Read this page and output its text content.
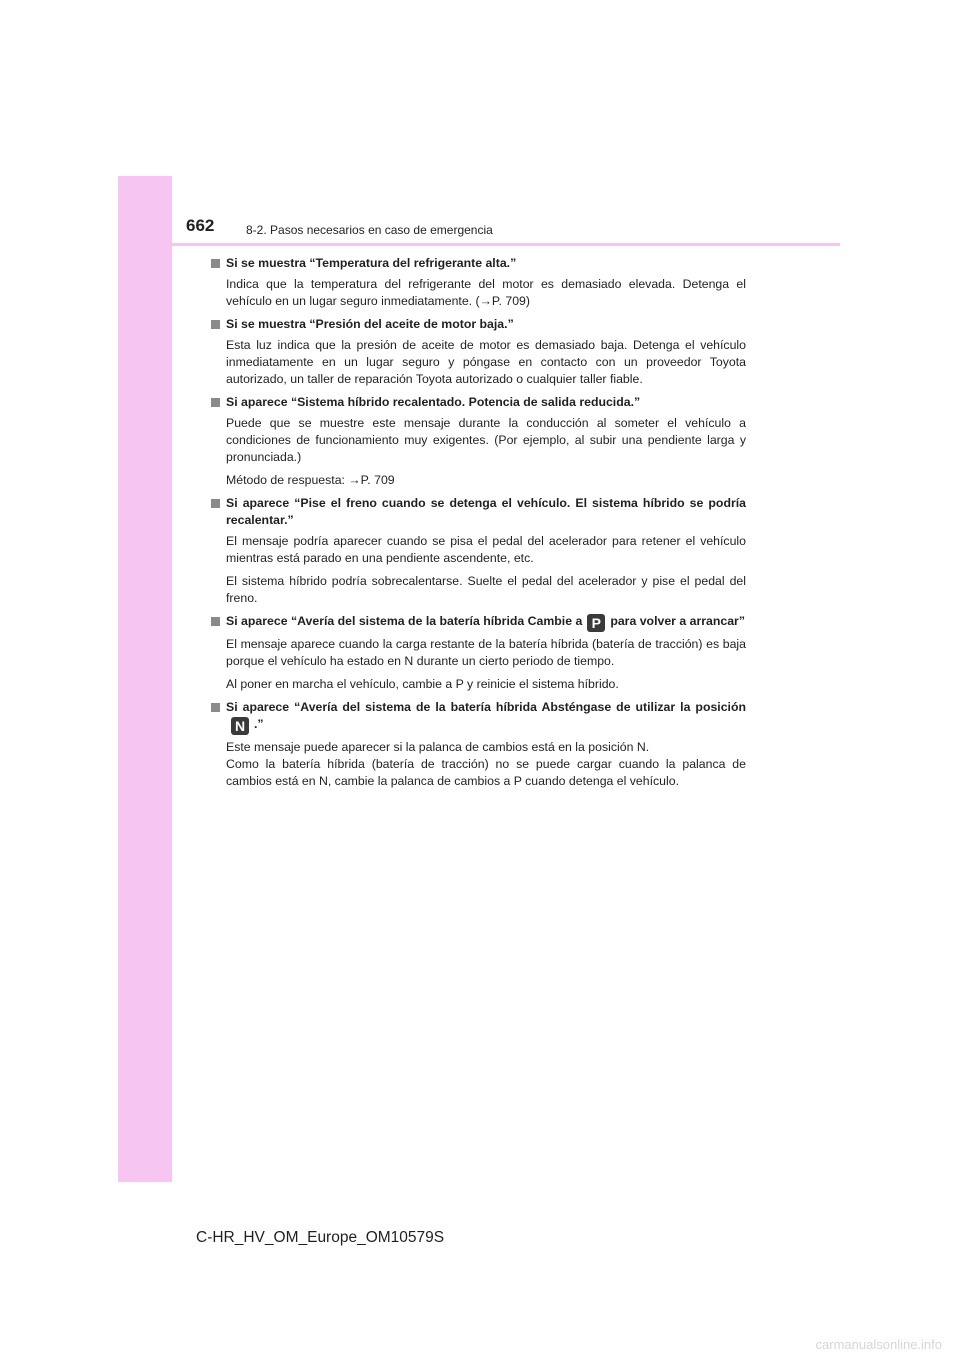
662	8-2. Pasos necesarios en caso de emergencia
Si se muestra “Temperatura del refrigerante alta.”
Indica que la temperatura del refrigerante del motor es demasiado elevada. Detenga el vehículo en un lugar seguro inmediatamente. (→P. 709)
Si se muestra “Presión del aceite de motor baja.”
Esta luz indica que la presión de aceite de motor es demasiado baja. Detenga el vehículo inmediatamente en un lugar seguro y póngase en contacto con un proveedor Toyota autorizado, un taller de reparación Toyota autorizado o cualquier taller fiable.
Si aparece “Sistema híbrido recalentado. Potencia de salida reducida.”
Puede que se muestre este mensaje durante la conducción al someter el vehículo a condiciones de funcionamiento muy exigentes. (Por ejemplo, al subir una pendiente larga y pronunciada.)
Método de respuesta: →P. 709
Si aparece “Pise el freno cuando se detenga el vehículo. El sistema híbrido se podría recalentar.”
El mensaje podría aparecer cuando se pisa el pedal del acelerador para retener el vehículo mientras está parado en una pendiente ascendente, etc.
El sistema híbrido podría sobrecalentarse. Suelte el pedal del acelerador y pise el pedal del freno.
Si aparece “Avería del sistema de la batería híbrida Cambie a P para volver a arrancar”
El mensaje aparece cuando la carga restante de la batería híbrida (batería de tracción) es baja porque el vehículo ha estado en N durante un cierto periodo de tiempo.
Al poner en marcha el vehículo, cambie a P y reinicie el sistema híbrido.
Si aparece “Avería del sistema de la batería híbrida Absténgase de utilizar la posiciónN .”
Este mensaje puede aparecer si la palanca de cambios está en la posición N.
Como la batería híbrida (batería de tracción) no se puede cargar cuando la palanca de cambios está en N, cambie la palanca de cambios a P cuando detenga el vehículo.
C-HR_HV_OM_Europe_OM10579S
carmanualsonline.info
